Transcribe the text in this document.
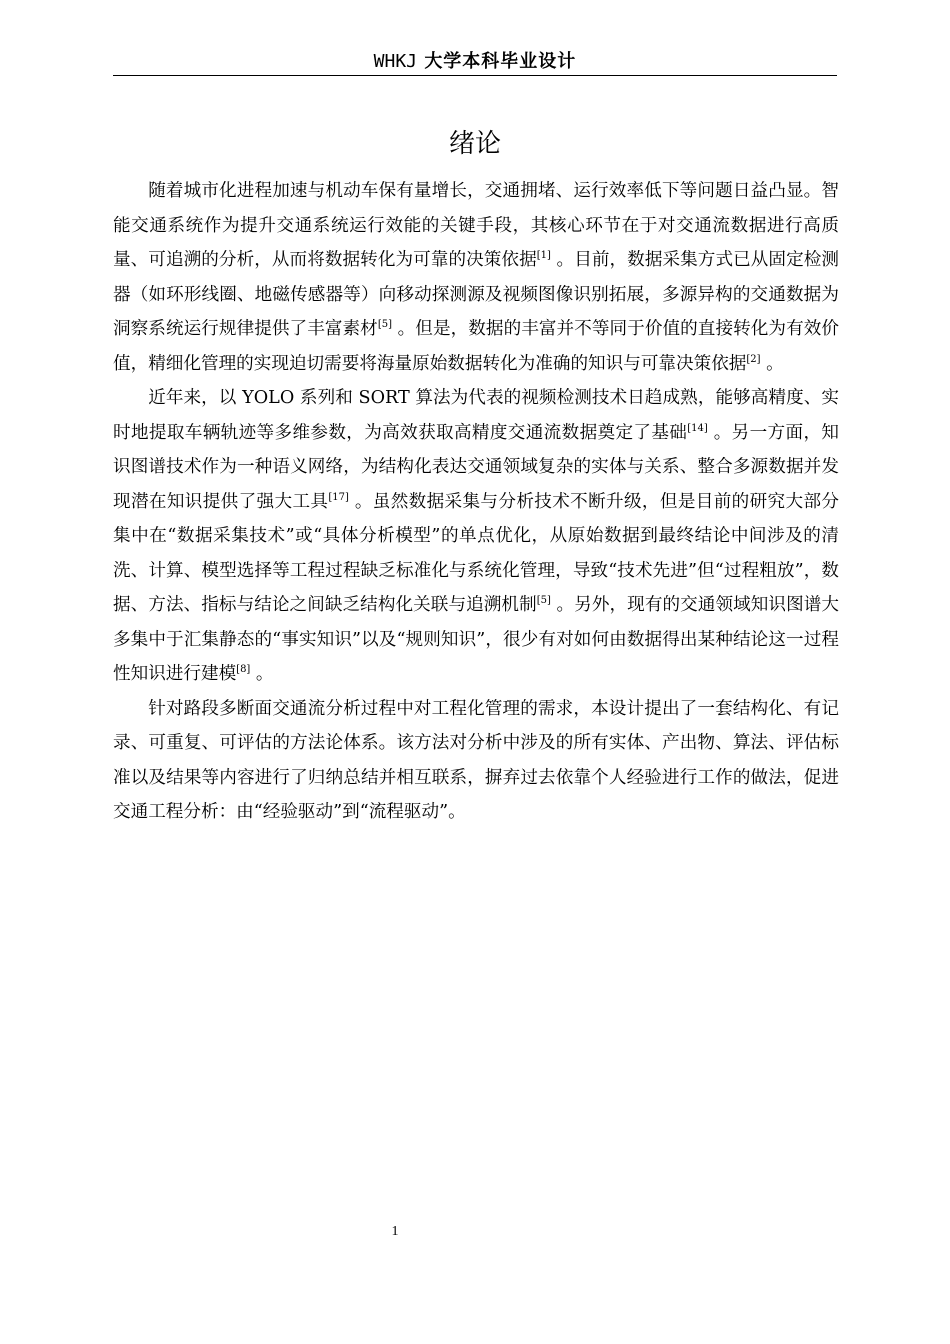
WHKJ 大学本科毕业设计
绪论

随着城市化进程加速与机动车保有量增长，交通拥堵、运行效率低下等问题日益凸显。智能交通系统作为提升交通系统运行效能的关键手段，其核心环节在于对交通流数据进行高质量、可追溯的分析，从而将数据转化为可靠的决策依据[1] 。目前，数据采集方式已从固定检测器（如环形线圈、地磁传感器等）向移动探测源及视频图像识别拓展，多源异构的交通数据为洞察系统运行规律提供了丰富素材[5] 。但是，数据的丰富并不等同于价值的直接转化为有效价值，精细化管理的实现迫切需要将海量原始数据转化为准确的知识与可靠决策依据[2] 。

近年来，以 YOLO 系列和 SORT 算法为代表的视频检测技术日趋成熟，能够高精度、实时地提取车辆轨迹等多维参数，为高效获取高精度交通流数据奠定了基础[14] 。另一方面，知识图谱技术作为一种语义网络，为结构化表达交通领域复杂的实体与关系、整合多源数据并发现潜在知识提供了强大工具[17] 。虽然数据采集与分析技术不断升级，但是目前的研究大部分集中在“数据采集技术”或“具体分析模型”的单点优化，从原始数据到最终结论中间涉及的清洗、计算、模型选择等工程过程缺乏标准化与系统化管理，导致“技术先进”但“过程粗放”，数据、方法、指标与结论之间缺乏结构化关联与追溯机制[5] 。另外，现有的交通领域知识图谱大多集中于汇集静态的“事实知识”以及“规则知识”，很少有对如何由数据得出某种结论这一过程性知识进行建模[8] 。

针对路段多断面交通流分析过程中对工程化管理的需求，本设计提出了一套结构化、有记录、可重复、可评估的方法论体系。该方法对分析中涉及的所有实体、产出物、算法、评估标准以及结果等内容进行了归纳总结并相互联系，摒弃过去依靠个人经验进行工作的做法，促进交通工程分析：由“经验驱动”到“流程驱动”。

1
